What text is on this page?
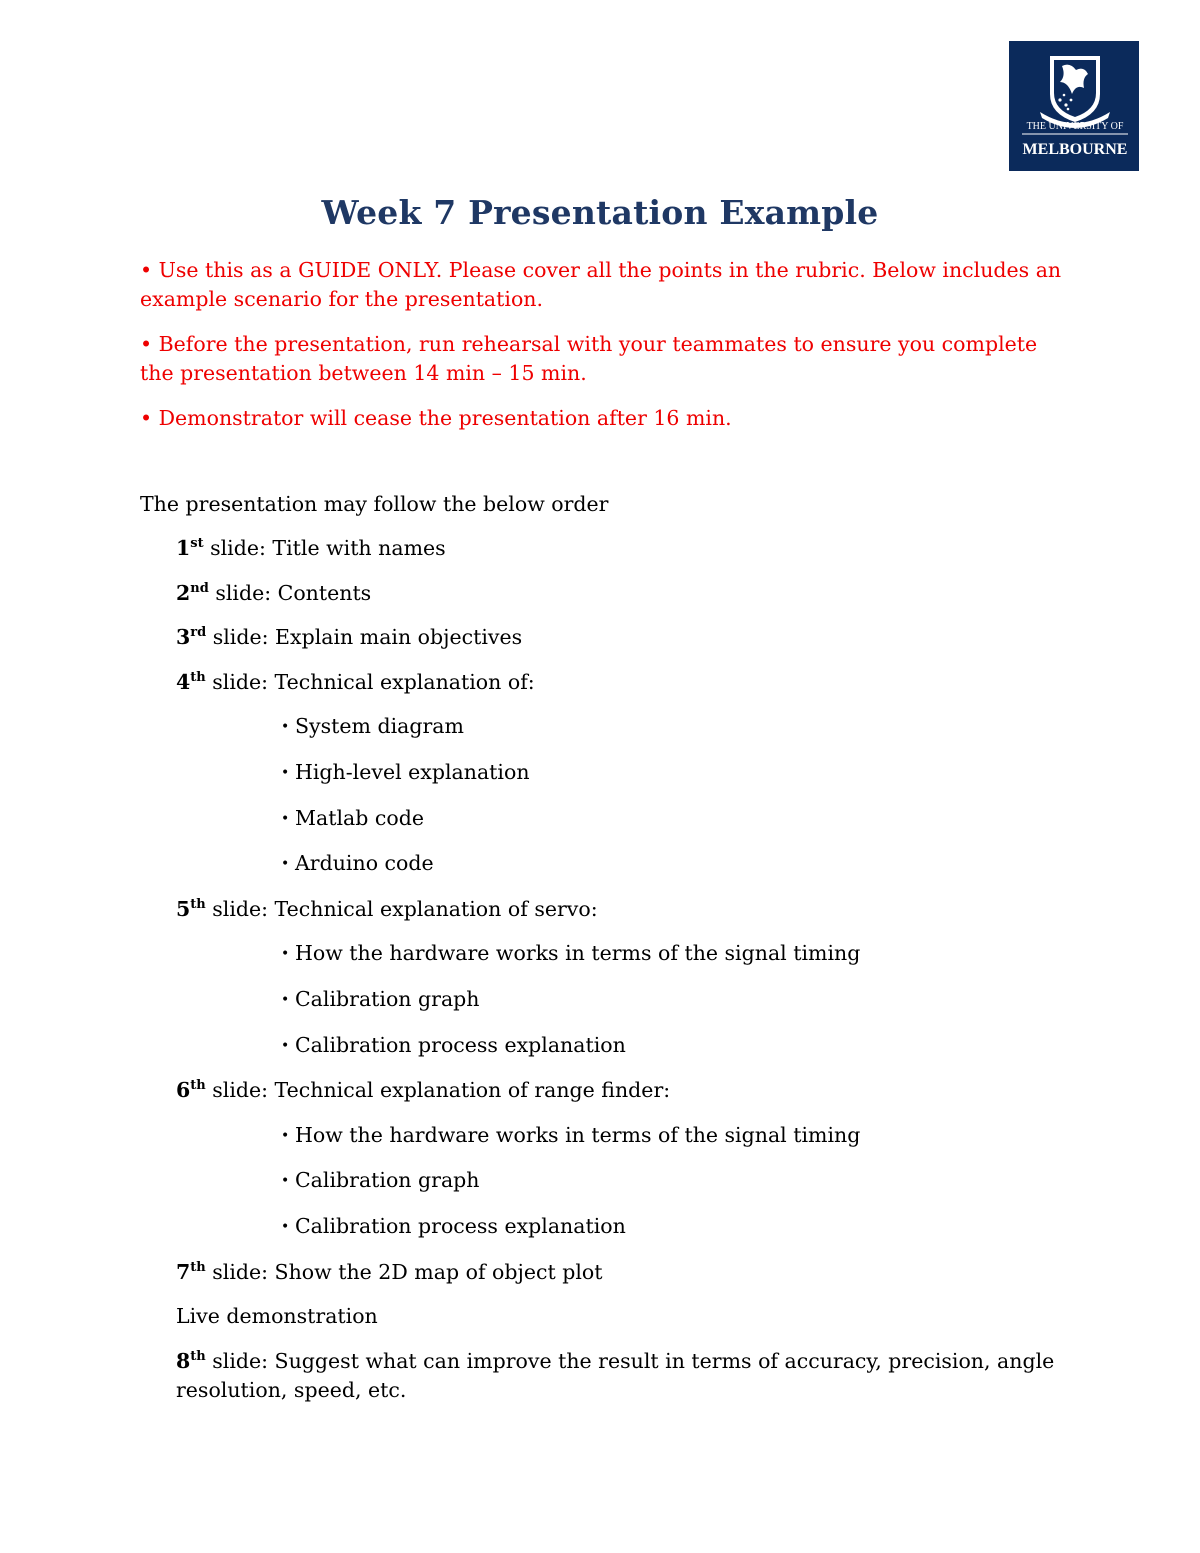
THE UNIVERSITY OF
MELBOURNE
Week 7 Presentation Example

• Use this as a GUIDE ONLY. Please cover all the points in the rubric. Below includes an example scenario for the presentation.

• Before the presentation, run rehearsal with your teammates to ensure you complete the presentation between 14 min – 15 min.

• Demonstrator will cease the presentation after 16 min.

The presentation may follow the below order
1st slide: Title with names
2nd slide: Contents
3rd slide: Explain main objectives
4th slide: Technical explanation of:
• System diagram
• High-level explanation
• Matlab code
• Arduino code
5th slide: Technical explanation of servo:
• How the hardware works in terms of the signal timing
• Calibration graph
• Calibration process explanation
6th slide: Technical explanation of range finder:
• How the hardware works in terms of the signal timing
• Calibration graph
• Calibration process explanation
7th slide: Show the 2D map of object plot
Live demonstration
8th slide: Suggest what can improve the result in terms of accuracy, precision, angle resolution, speed, etc.
